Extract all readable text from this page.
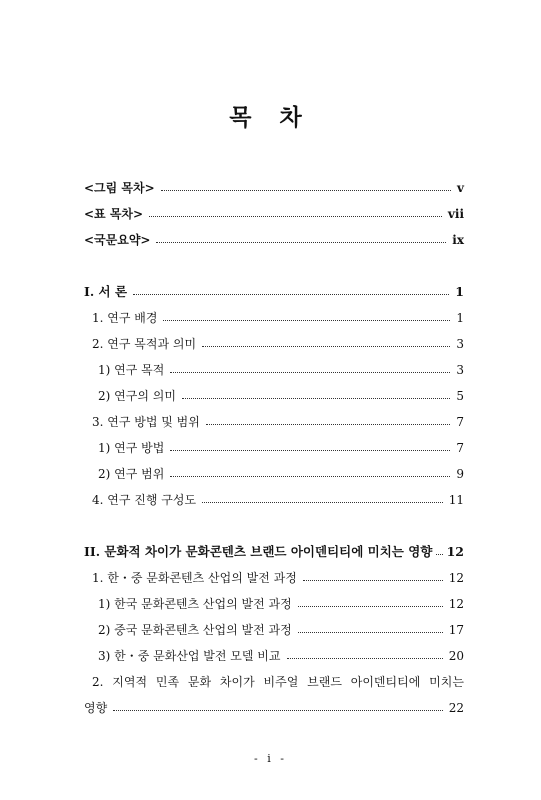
목 차
<그림 목차>	v
<표 목차>	vii
<국문요약>	ix
I. 서 론	1
1. 연구 배경	1
2. 연구 목적과 의미	3
1) 연구 목적	3
2) 연구의 의미	5
3. 연구 방법 및 범위	7
1) 연구 방법	7
2) 연구 범위	9
4. 연구 진행 구성도	11
II. 문화적 차이가 문화콘텐츠 브랜드 아이덴티티에 미치는 영향 12
1. 한・중 문화콘텐츠 산업의 발전 과정	12
1) 한국 문화콘텐츠 산업의 발전 과정	12
2) 중국 문화콘텐츠 산업의 발전 과정	17
3) 한・중 문화산업 발전 모델 비교	20
2. 지역적 민족 문화 차이가 비주얼 브랜드 아이덴티티에 미치는
영향	22
- i -
